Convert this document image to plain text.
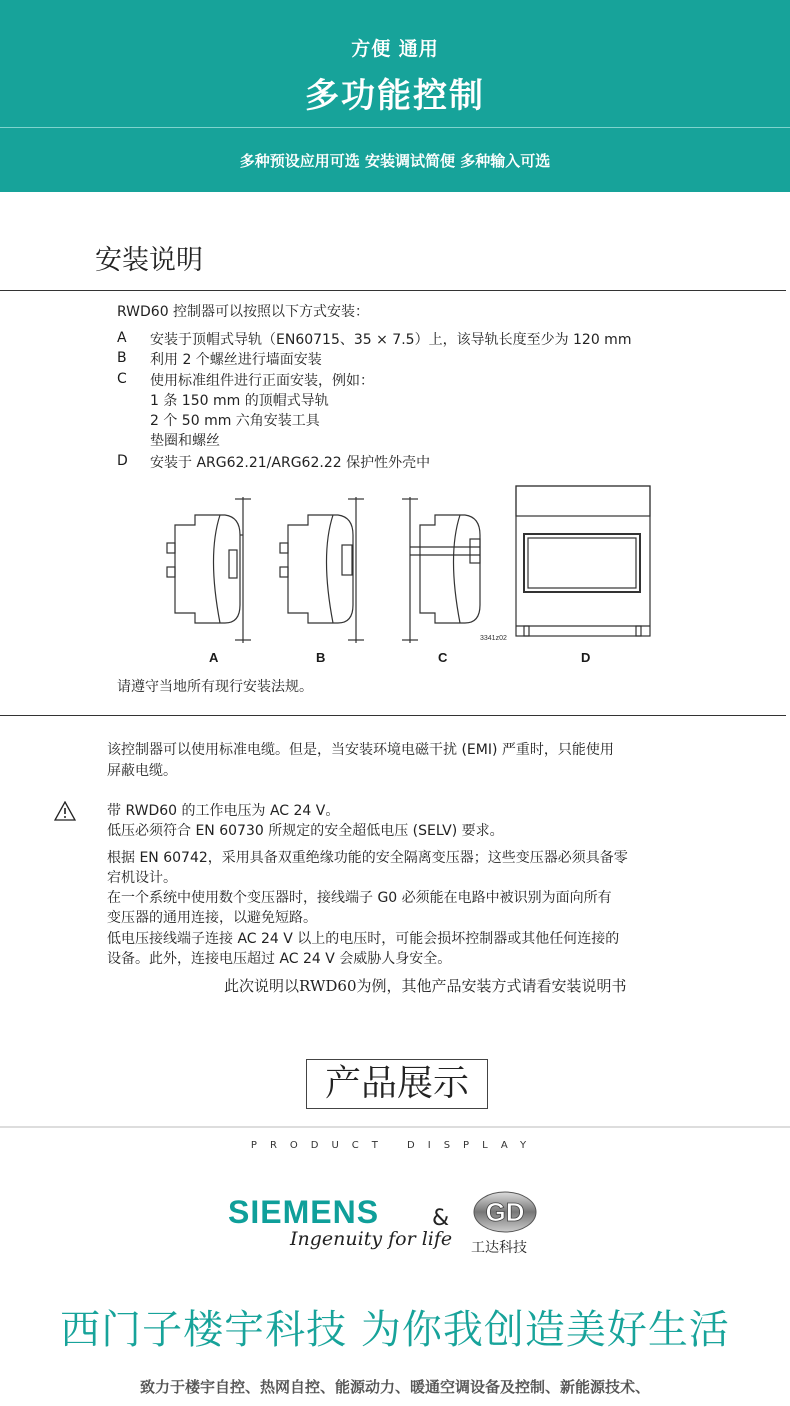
方便 通用
多功能控制
多种预设应用可选 安装调试简便 多种输入可选
安装说明
RWD60 控制器可以按照以下方式安装：
A 安装于顶帽式导轨（EN60715、35 × 7.5）上，该导轨长度至少为 120 mm
B 利用 2 个螺丝进行墙面安装
C 使用标准组件进行正面安装，例如：
1 条 150 mm 的顶帽式导轨
2 个 50 mm 六角安装工具
垫圈和螺丝
D 安装于 ARG62.21/ARG62.22 保护性外壳中
3341z02
A	B	C	D
请遵守当地所有现行安装法规。
该控制器可以使用标准电缆。但是，当安装环境电磁干扰 (EMI) 严重时，只能使用
屏蔽电缆。
带 RWD60 的工作电压为 AC 24 V。
低压必须符合 EN 60730 所规定的安全超低电压 (SELV) 要求。
根据 EN 60742，采用具备双重绝缘功能的安全隔离变压器；这些变压器必须具备零
宕机设计。
在一个系统中使用数个变压器时，接线端子 G0 必须能在电路中被识别为面向所有
变压器的通用连接，以避免短路。
低电压接线端子连接 AC 24 V 以上的电压时，可能会损坏控制器或其他任何连接的
设备。此外，连接电压超过 AC 24 V 会威胁人身安全。
此次说明以RWD60为例，其他产品安装方式请看安装说明书
产品展示
PRODUCT DISPLAY
SIEMENS
Ingenuity for life
& GD
工达科技
西门子楼宇科技 为你我创造美好生活
致力于楼宇自控、热网自控、能源动力、暖通空调设备及控制、新能源技术、
